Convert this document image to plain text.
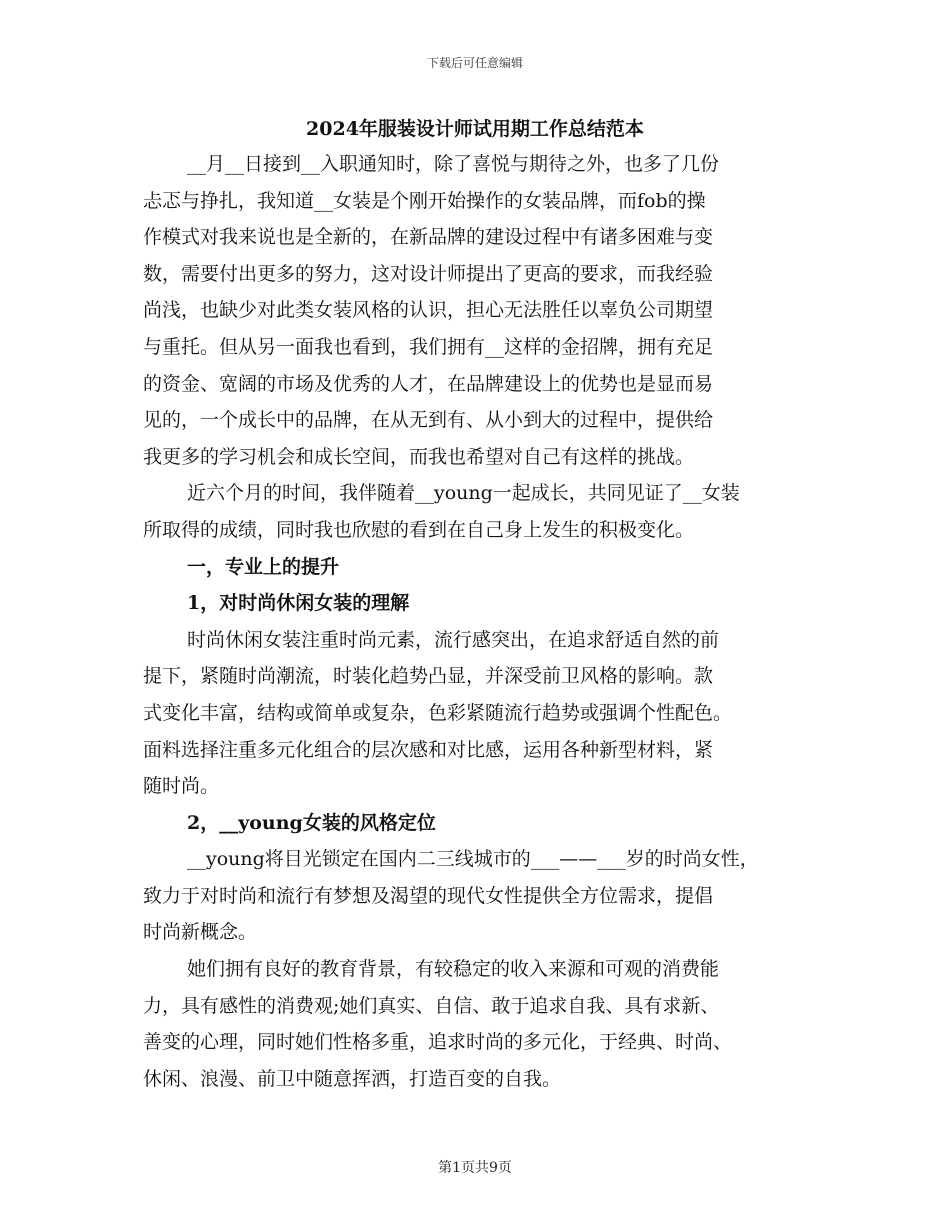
下载后可任意编辑
2024年服装设计师试用期工作总结范本
__月__日接到__入职通知时，除了喜悦与期待之外，也多了几份
忐忑与挣扎，我知道__女装是个刚开始操作的女装品牌，而fob的操
作模式对我来说也是全新的，在新品牌的建设过程中有诸多困难与变
数，需要付出更多的努力，这对设计师提出了更高的要求，而我经验
尚浅，也缺少对此类女装风格的认识，担心无法胜任以辜负公司期望
与重托。但从另一面我也看到，我们拥有__这样的金招牌，拥有充足
的资金、宽阔的市场及优秀的人才，在品牌建设上的优势也是显而易
见的，一个成长中的品牌，在从无到有、从小到大的过程中，提供给
我更多的学习机会和成长空间，而我也希望对自己有这样的挑战。
近六个月的时间，我伴随着__young一起成长，共同见证了__女装
所取得的成绩，同时我也欣慰的看到在自己身上发生的积极变化。
一，专业上的提升
1，对时尚休闲女装的理解
时尚休闲女装注重时尚元素，流行感突出，在追求舒适自然的前
提下，紧随时尚潮流，时装化趋势凸显，并深受前卫风格的影响。款
式变化丰富，结构或简单或复杂，色彩紧随流行趋势或强调个性配色。
面料选择注重多元化组合的层次感和对比感，运用各种新型材料，紧
随时尚。
2，__young女装的风格定位
__young将目光锁定在国内二三线城市的___——___岁的时尚女性，
致力于对时尚和流行有梦想及渴望的现代女性提供全方位需求，提倡
时尚新概念。
她们拥有良好的教育背景，有较稳定的收入来源和可观的消费能
力，具有感性的消费观;她们真实、自信、敢于追求自我、具有求新、
善变的心理，同时她们性格多重，追求时尚的多元化，于经典、时尚、
休闲、浪漫、前卫中随意挥洒，打造百变的自我。
第1页共9页
